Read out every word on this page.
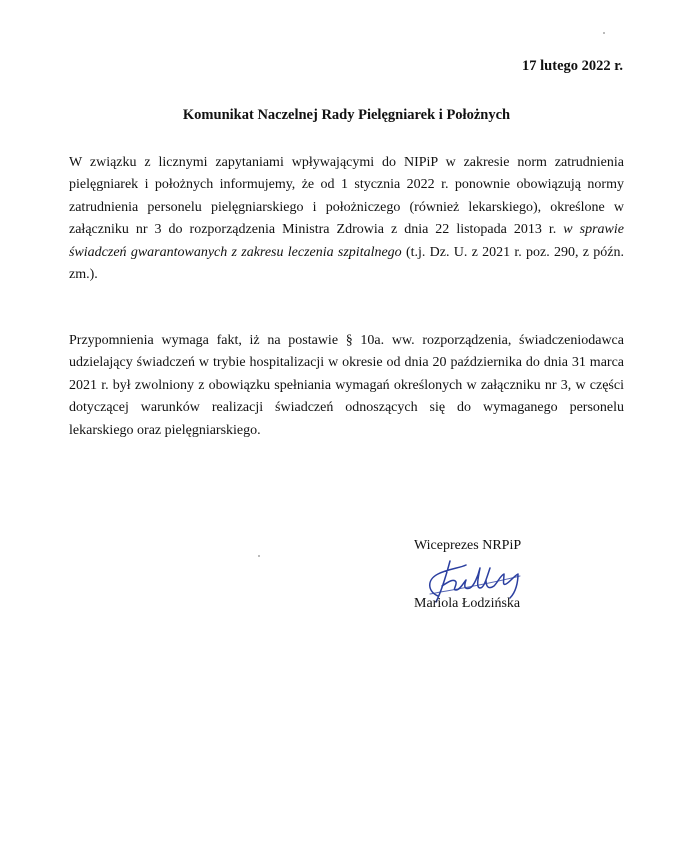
17 lutego 2022 r.
Komunikat Naczelnej Rady Pielęgniarek i Położnych
W związku z licznymi zapytaniami wpływającymi do NIPiP w zakresie norm zatrudnienia pielęgniarek i położnych informujemy, że od 1 stycznia 2022 r. ponownie obowiązują normy zatrudnienia personelu pielęgniarskiego i położniczego (również lekarskiego), określone w załączniku nr 3 do rozporządzenia Ministra Zdrowia z dnia 22 listopada 2013 r. w sprawie świadczeń gwarantowanych z zakresu leczenia szpitalnego (t.j. Dz. U. z 2021 r. poz. 290, z późn. zm.).
Przypomnienia wymaga fakt, iż na postawie § 10a. ww. rozporządzenia, świadczeniodawca udzielający świadczeń w trybie hospitalizacji w okresie od dnia 20 października do dnia 31 marca 2021 r. był zwolniony z obowiązku spełniania wymagań określonych w załączniku nr 3, w części dotyczącej warunków realizacji świadczeń odnoszących się do wymaganego personelu lekarskiego oraz pielęgniarskiego.
Wiceprezes NRPiP
Mariola Łodzińska
